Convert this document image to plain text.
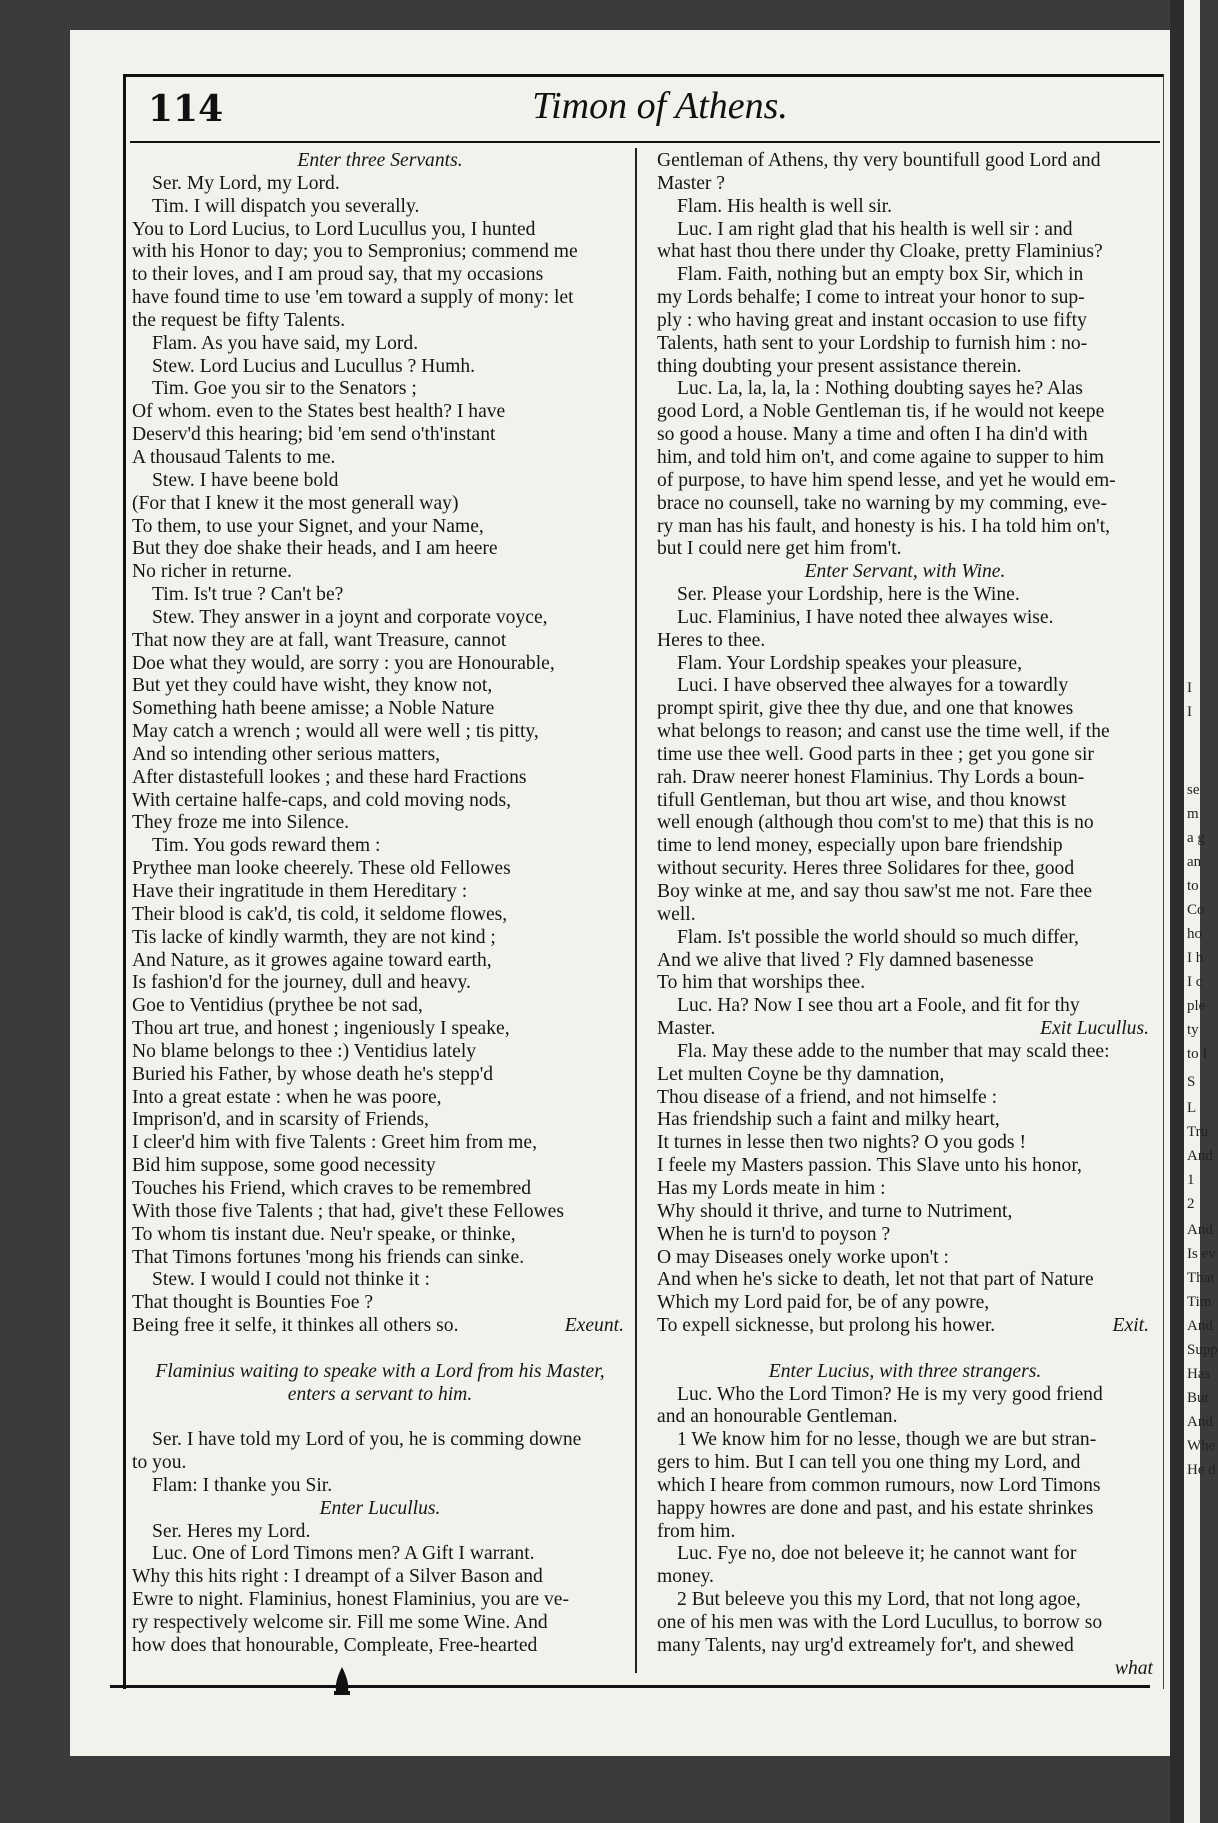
I
I
se
m
a g
an
to
Co
ho
I h
I c
ple
ty
to I
S
L
Tru
And
1
2
And
Is ev
That
Tim
And
Supp
Has
But
And
Whe
He d
114	Timon of Athens.
Enter three Servants.
Ser. My Lord, my Lord.
Tim. I will dispatch you severally.
You to Lord Lucius, to Lord Lucullus you, I hunted
with his Honor to day; you to Sempronius; commend me
to their loves, and I am proud say, that my occasions
have found time to use 'em toward a supply of mony: let
the request be fifty Talents.
Flam. As you have said, my Lord.
Stew. Lord Lucius and Lucullus ? Humh.
Tim. Goe you sir to the Senators ;
Of whom. even to the States best health? I have
Deserv'd this hearing; bid 'em send o'th'instant
A thousaud Talents to me.
Stew. I have beene bold
(For that I knew it the most generall way)
To them, to use your Signet, and your Name,
But they doe shake their heads, and I am heere
No richer in returne.
Tim. Is't true ? Can't be?
Stew. They answer in a joynt and corporate voyce,
That now they are at fall, want Treasure, cannot
Doe what they would, are sorry : you are Honourable,
But yet they could have wisht, they know not,
Something hath beene amisse; a Noble Nature
May catch a wrench ; would all were well ; tis pitty,
And so intending other serious matters,
After distastefull lookes ; and these hard Fractions
With certaine halfe-caps, and cold moving nods,
They froze me into Silence.
Tim. You gods reward them :
Prythee man looke cheerely. These old Fellowes
Have their ingratitude in them Hereditary :
Their blood is cak'd, tis cold, it seldome flowes,
Tis lacke of kindly warmth, they are not kind ;
And Nature, as it growes againe toward earth,
Is fashion'd for the journey, dull and heavy.
Goe to Ventidius (prythee be not sad,
Thou art true, and honest ; ingeniously I speake,
No blame belongs to thee :) Ventidius lately
Buried his Father, by whose death he's stepp'd
Into a great estate : when he was poore,
Imprison'd, and in scarsity of Friends,
I cleer'd him with five Talents : Greet him from me,
Bid him suppose, some good necessity
Touches his Friend, which craves to be remembred
With those five Talents ; that had, give't these Fellowes
To whom tis instant due. Neu'r speake, or thinke,
That Timons fortunes 'mong his friends can sinke.
Stew. I would I could not thinke it :
That thought is Bounties Foe ?
Being free it selfe, it thinkes all others so.	Exeunt.
Flaminius waiting to speake with a Lord from his Master,
enters a servant to him.
Ser. I have told my Lord of you, he is comming downe
to you.
Flam: I thanke you Sir.
Enter Lucullus.
Ser. Heres my Lord.
Luc. One of Lord Timons men? A Gift I warrant.
Why this hits right : I dreampt of a Silver Bason and
Ewre to night. Flaminius, honest Flaminius, you are ve-
ry respectively welcome sir. Fill me some Wine. And
how does that honourable, Compleate, Free-hearted
Gentleman of Athens, thy very bountifull good Lord and
Master ?
Flam. His health is well sir.
Luc. I am right glad that his health is well sir : and
what hast thou there under thy Cloake, pretty Flaminius?
Flam. Faith, nothing but an empty box Sir, which in
my Lords behalfe; I come to intreat your honor to sup-
ply : who having great and instant occasion to use fifty
Talents, hath sent to your Lordship to furnish him : no-
thing doubting your present assistance therein.
Luc. La, la, la, la : Nothing doubting sayes he? Alas
good Lord, a Noble Gentleman tis, if he would not keepe
so good a house. Many a time and often I ha din'd with
him, and told him on't, and come againe to supper to him
of purpose, to have him spend lesse, and yet he would em-
brace no counsell, take no warning by my comming, eve-
ry man has his fault, and honesty is his. I ha told him on't,
but I could nere get him from't.
Enter Servant, with Wine.
Ser. Please your Lordship, here is the Wine.
Luc. Flaminius, I have noted thee alwayes wise.
Heres to thee.
Flam. Your Lordship speakes your pleasure,
Luci. I have observed thee alwayes for a towardly
prompt spirit, give thee thy due, and one that knowes
what belongs to reason; and canst use the time well, if the
time use thee well. Good parts in thee ; get you gone sir
rah. Draw neerer honest Flaminius. Thy Lords a boun-
tifull Gentleman, but thou art wise, and thou knowst
well enough (although thou com'st to me) that this is no
time to lend money, especially upon bare friendship
without security. Heres three Solidares for thee, good
Boy winke at me, and say thou saw'st me not. Fare thee
well.
Flam. Is't possible the world should so much differ,
And we alive that lived ? Fly damned basenesse
To him that worships thee.
Luc. Ha? Now I see thou art a Foole, and fit for thy
Master.	Exit Lucullus.
Fla. May these adde to the number that may scald thee:
Let multen Coyne be thy damnation,
Thou disease of a friend, and not himselfe :
Has friendship such a faint and milky heart,
It turnes in lesse then two nights? O you gods !
I feele my Masters passion. This Slave unto his honor,
Has my Lords meate in him :
Why should it thrive, and turne to Nutriment,
When he is turn'd to poyson ?
O may Diseases onely worke upon't :
And when he's sicke to death, let not that part of Nature
Which my Lord paid for, be of any powre,
To expell sicknesse, but prolong his hower.	Exit.
Enter Lucius, with three strangers.
Luc. Who the Lord Timon? He is my very good friend
and an honourable Gentleman.
1 We know him for no lesse, though we are but stran-
gers to him. But I can tell you one thing my Lord, and
which I heare from common rumours, now Lord Timons
happy howres are done and past, and his estate shrinkes
from him.
Luc. Fye no, doe not beleeve it; he cannot want for
money.
2 But beleeve you this my Lord, that not long agoe,
one of his men was with the Lord Lucullus, to borrow so
many Talents, nay urg'd extreamely for't, and shewed
what
